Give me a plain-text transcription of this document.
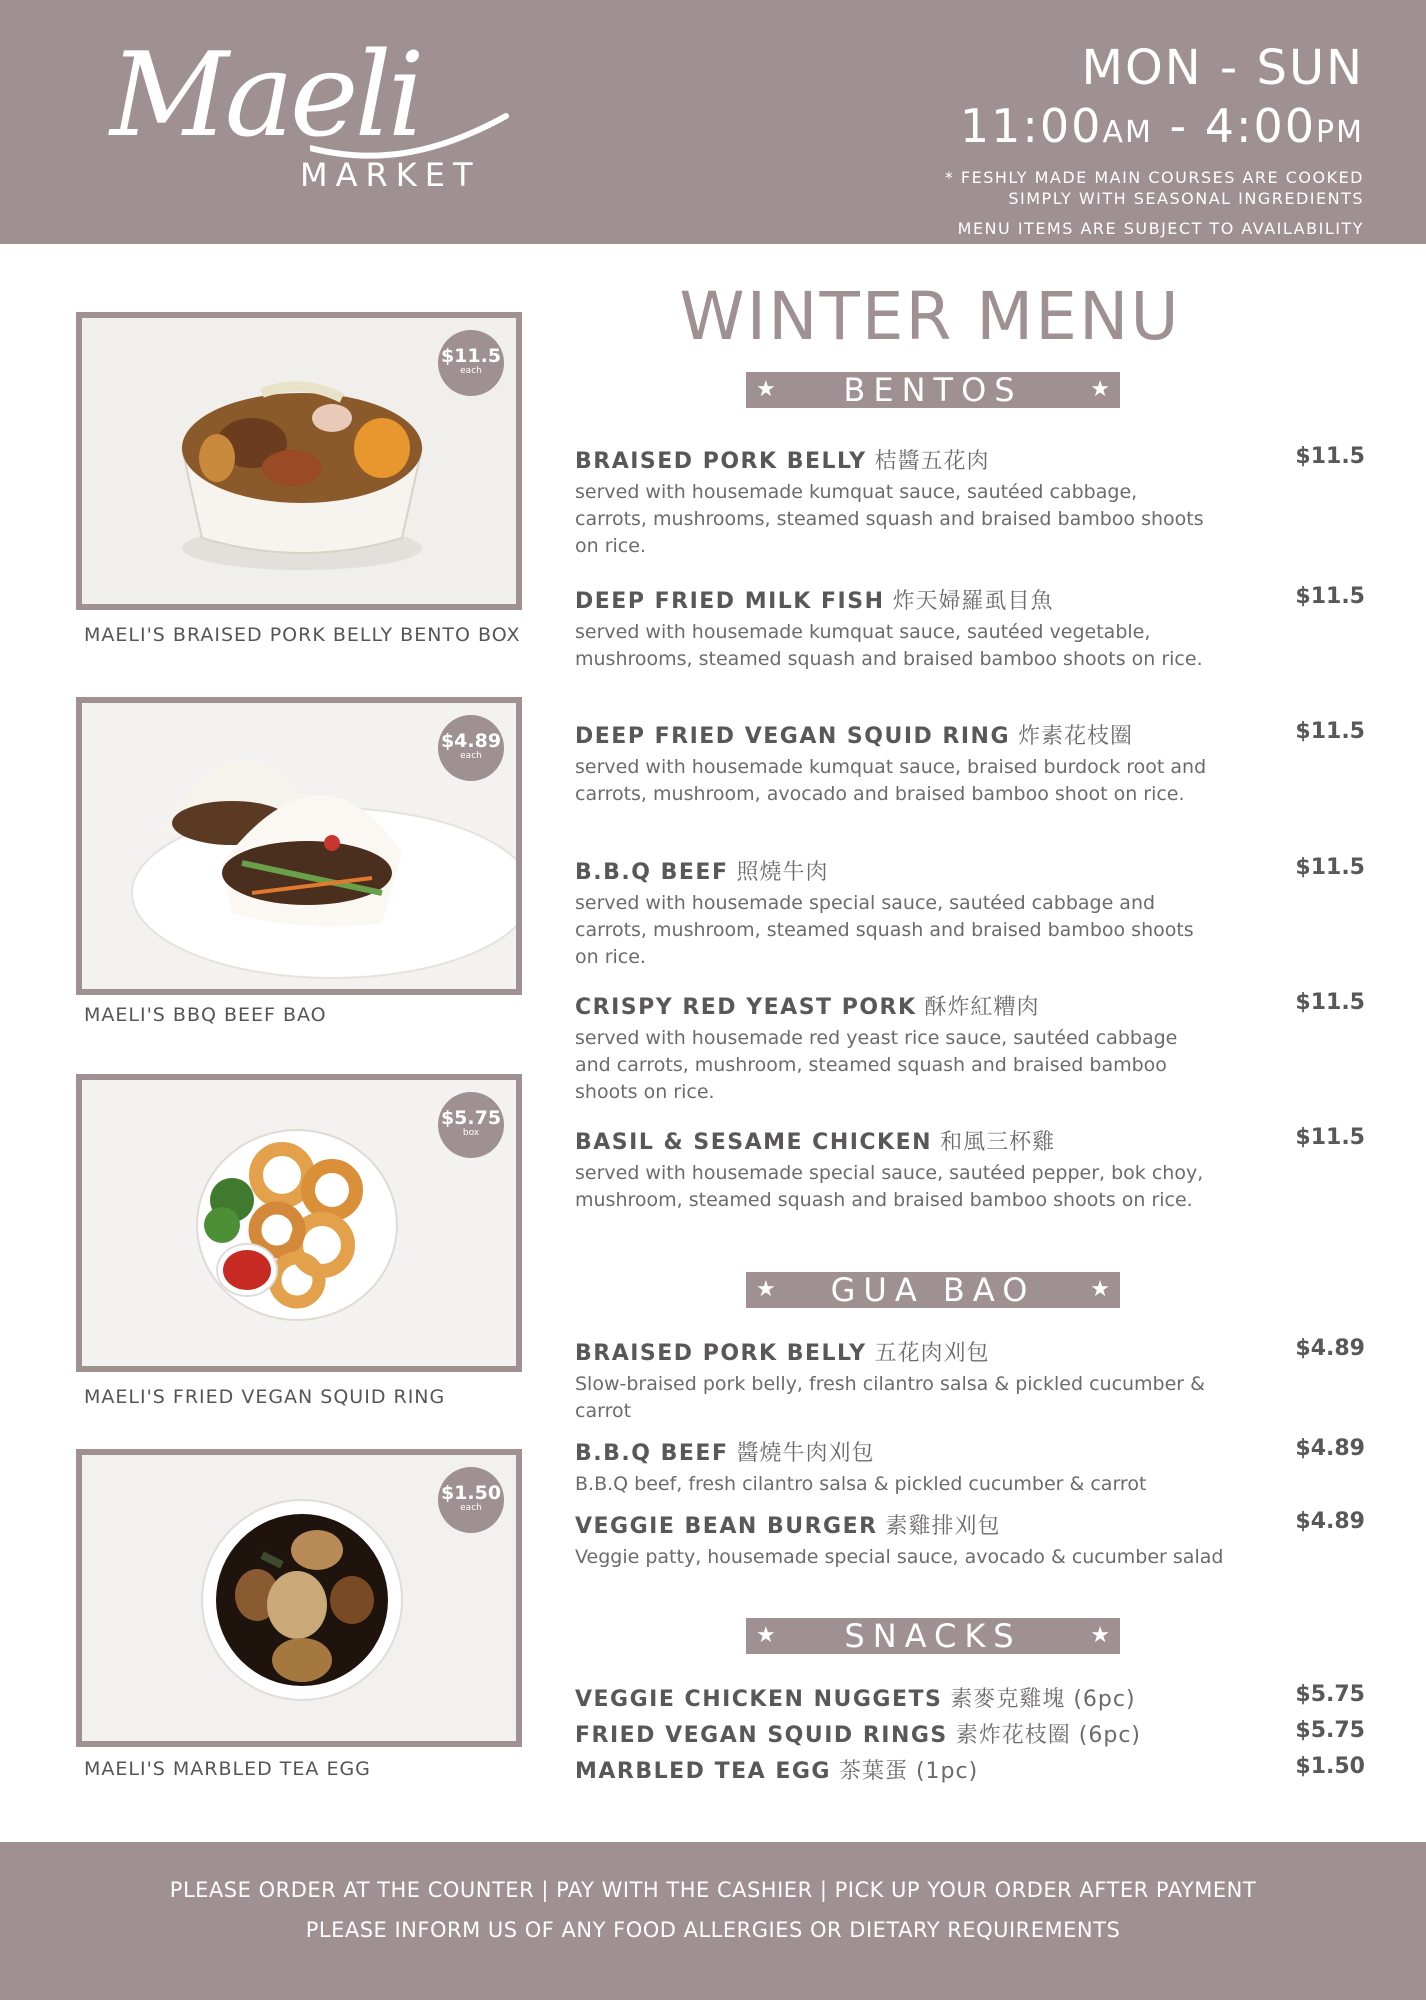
Maeli
MARKET
MON - SUN
11:00AM - 4:00PM
* FESHLY MADE MAIN COURSES ARE COOKED
SIMPLY WITH SEASONAL INGREDIENTS
MENU ITEMS ARE SUBJECT TO AVAILABILITY
$11.5
each
MAELI'S BRAISED PORK BELLY BENTO BOX
$4.89
each
MAELI'S BBQ BEEF BAO
$5.75
box
MAELI'S FRIED VEGAN SQUID RING
$1.50
each
MAELI'S MARBLED TEA EGG
WINTER MENU
★ BENTOS	★
BRAISED PORK BELLY 桔醬五花肉	$11.5
served with housemade kumquat sauce, sautéed cabbage, carrots, mushrooms, steamed squash and braised bamboo shoots on rice.
DEEP FRIED MILK FISH 炸天婦羅虱目魚	$11.5
served with housemade kumquat sauce, sautéed vegetable, mushrooms, steamed squash and braised bamboo shoots on rice.
DEEP FRIED VEGAN SQUID RING 炸素花枝圈	$11.5
served with housemade kumquat sauce, braised burdock root and carrots, mushroom, avocado and braised bamboo shoot on rice.
B.B.Q BEEF 照燒牛肉	$11.5
served with housemade special sauce, sautéed cabbage and carrots, mushroom, steamed squash and braised bamboo shoots on rice.
CRISPY RED YEAST PORK 酥炸紅糟肉	$11.5
served with housemade red yeast rice sauce, sautéed cabbage and carrots, mushroom, steamed squash and braised bamboo shoots on rice.
BASIL & SESAME CHICKEN 和風三杯雞	$11.5
served with housemade special sauce, sautéed pepper, bok choy, mushroom, steamed squash and braised bamboo shoots on rice.
★ GUA BAO ★
BRAISED PORK BELLY 五花肉刈包	$4.89
Slow-braised pork belly, fresh cilantro salsa & pickled cucumber & carrot
B.B.Q BEEF 醬燒牛肉刈包	$4.89
B.B.Q beef, fresh cilantro salsa & pickled cucumber & carrot
VEGGIE BEAN BURGER 素雞排刈包	$4.89
Veggie patty, housemade special sauce, avocado & cucumber salad
★ SNACKS	★
VEGGIE CHICKEN NUGGETS 素麥克雞塊 (6pc)	$5.75
FRIED VEGAN SQUID RINGS 素炸花枝圈 (6pc)	$5.75
MARBLED TEA EGG 茶葉蛋 (1pc)	$1.50
PLEASE ORDER AT THE COUNTER | PAY WITH THE CASHIER | PICK UP YOUR ORDER AFTER PAYMENT
PLEASE INFORM US OF ANY FOOD ALLERGIES OR DIETARY REQUIREMENTS
